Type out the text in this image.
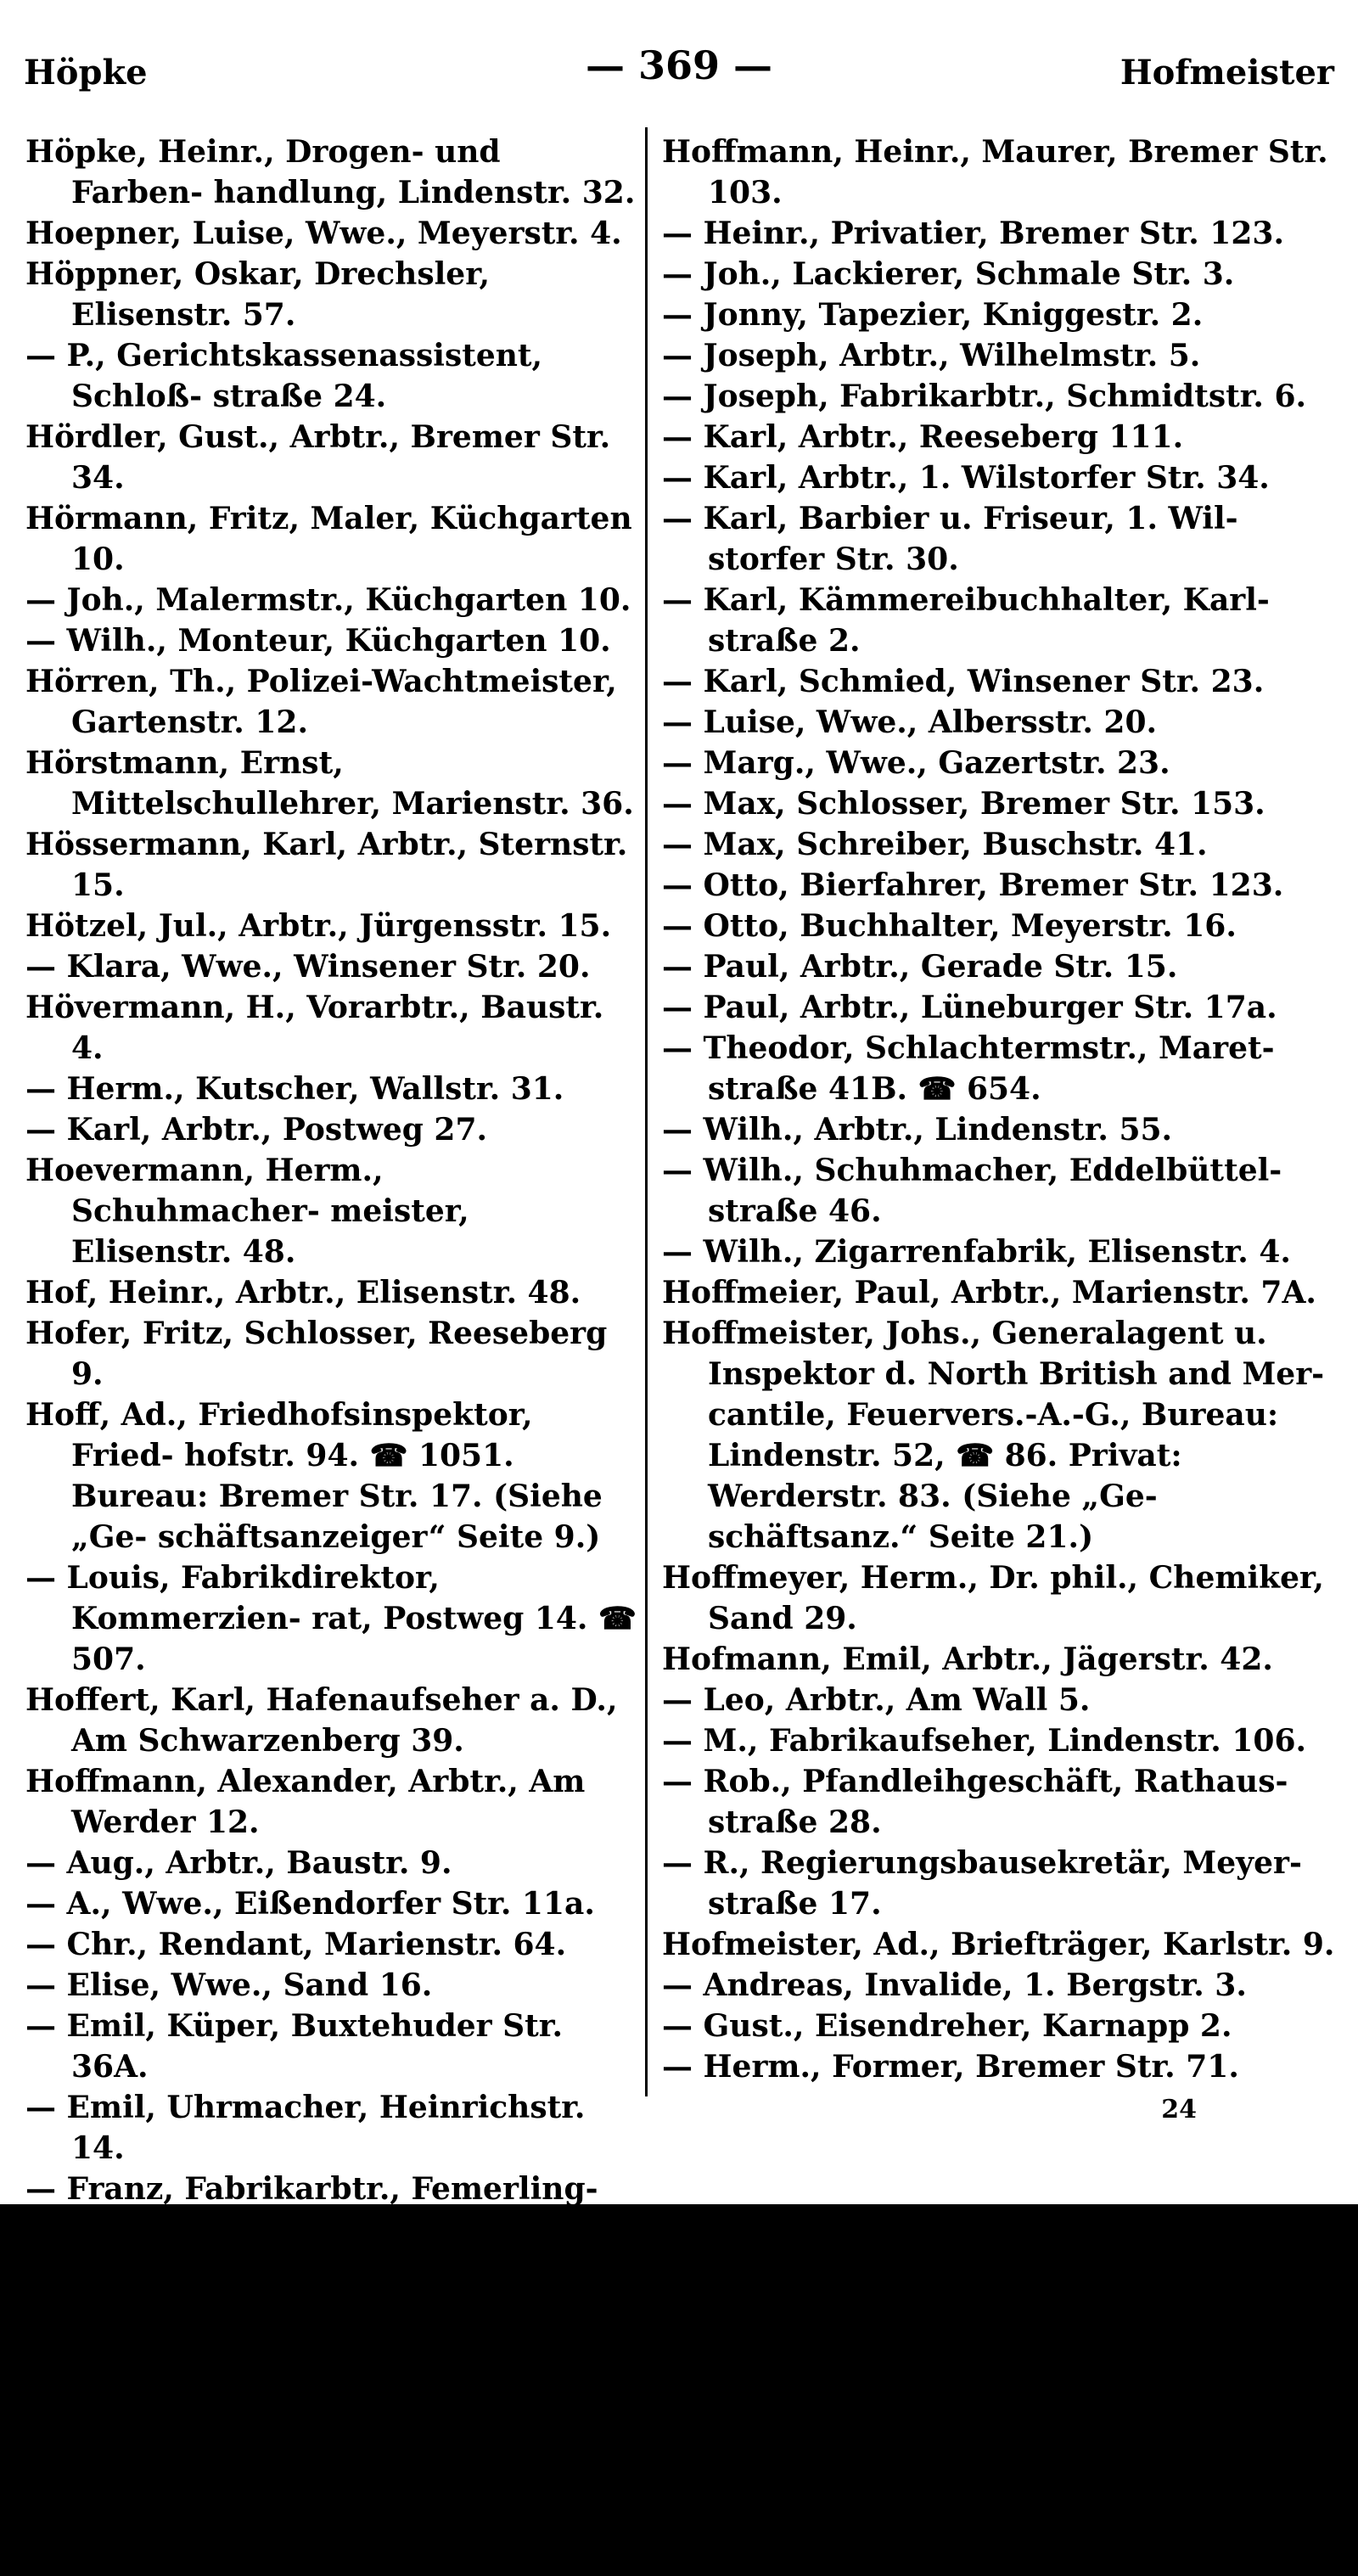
Höpke	— 369 —	Hofmeister

Höpke, Heinr., Drogen- und Farben- handlung, Lindenstr. 32.

Hoepner, Luise, Wwe., Meyerstr. 4.

Höppner, Oskar, Drechsler, Elisenstr. 57.

— P., Gerichtskassenassistent, Schloß- straße 24.

Hördler, Gust., Arbtr., Bremer Str. 34.

Hörmann, Fritz, Maler, Küchgarten 10.

— Joh., Malermstr., Küchgarten 10.

— Wilh., Monteur, Küchgarten 10.

Hörren, Th., Polizei-Wachtmeister, Gartenstr. 12.

Hörstmann, Ernst, Mittelschullehrer, Marienstr. 36.

Hössermann, Karl, Arbtr., Sternstr. 15.

Hötzel, Jul., Arbtr., Jürgensstr. 15.

— Klara, Wwe., Winsener Str. 20.

Hövermann, H., Vorarbtr., Baustr. 4.

— Herm., Kutscher, Wallstr. 31.

— Karl, Arbtr., Postweg 27.

Hoevermann, Herm., Schuhmacher- meister, Elisenstr. 48.

Hof, Heinr., Arbtr., Elisenstr. 48.

Hofer, Fritz, Schlosser, Reeseberg 9.

Hoff, Ad., Friedhofsinspektor, Fried- hofstr. 94. ☎ 1051. Bureau: Bremer Str. 17. (Siehe „Ge- schäftsanzeiger“ Seite 9.)

— Louis, Fabrikdirektor, Kommerzien- rat, Postweg 14. ☎ 507.

Hoffert, Karl, Hafenaufseher a. D., Am Schwarzenberg 39.

Hoffmann, Alexander, Arbtr., Am Werder 12.

— Aug., Arbtr., Baustr. 9.

— A., Wwe., Eißendorfer Str. 11a.

— Chr., Rendant, Marienstr. 64.

— Elise, Wwe., Sand 16.

— Emil, Küper, Buxtehuder Str. 36A.

— Emil, Uhrmacher, Heinrichstr. 14.

— Franz, Fabrikarbtr., Femerling- straße 19.

— Fritz, Arbtr., Hohe Str. 33.

— Georg, Kartoffelhändler, Hohe Straße 31.

— Gust., Seemann, Marienstr. 7A.

— Heinr., Berichterstatter, Baustr. 9.

— Heinr., Kesselschmied, Marienstr. 67.

Hoffmann, Heinr., Maurer, Bremer Str. 103.

— Heinr., Privatier, Bremer Str. 123.

— Joh., Lackierer, Schmale Str. 3.

— Jonny, Tapezier, Kniggestr. 2.

— Joseph, Arbtr., Wilhelmstr. 5.

— Joseph, Fabrikarbtr., Schmidtstr. 6.

— Karl, Arbtr., Reeseberg 111.

— Karl, Arbtr., 1. Wilstorfer Str. 34.

— Karl, Barbier u. Friseur, 1. Wil- storfer Str. 30.

— Karl, Kämmereibuchhalter, Karl- straße 2.

— Karl, Schmied, Winsener Str. 23.

— Luise, Wwe., Albersstr. 20.

— Marg., Wwe., Gazertstr. 23.

— Max, Schlosser, Bremer Str. 153.

— Max, Schreiber, Buschstr. 41.

— Otto, Bierfahrer, Bremer Str. 123.

— Otto, Buchhalter, Meyerstr. 16.

— Paul, Arbtr., Gerade Str. 15.

— Paul, Arbtr., Lüneburger Str. 17a.

— Theodor, Schlachtermstr., Maret- straße 41B. ☎ 654.

— Wilh., Arbtr., Lindenstr. 55.

— Wilh., Schuhmacher, Eddelbüttel- straße 46.

— Wilh., Zigarrenfabrik, Elisenstr. 4.

Hoffmeier, Paul, Arbtr., Marienstr. 7A.

Hoffmeister, Johs., Generalagent u. Inspektor d. North British and Mer- cantile, Feuervers.-A.-G., Bureau: Lindenstr. 52, ☎ 86. Privat: Werderstr. 83. (Siehe „Ge- schäftsanz.“ Seite 21.)

Hoffmeyer, Herm., Dr. phil., Chemiker, Sand 29.

Hofmann, Emil, Arbtr., Jägerstr. 42.

— Leo, Arbtr., Am Wall 5.

— M., Fabrikaufseher, Lindenstr. 106.

— Rob., Pfandleihgeschäft, Rathaus- straße 28.

— R., Regierungsbausekretär, Meyer- straße 17.

Hofmeister, Ad., Briefträger, Karlstr. 9.

— Andreas, Invalide, 1. Bergstr. 3.

— Gust., Eisendreher, Karnapp 2.

— Herm., Former, Bremer Str. 71.

24
